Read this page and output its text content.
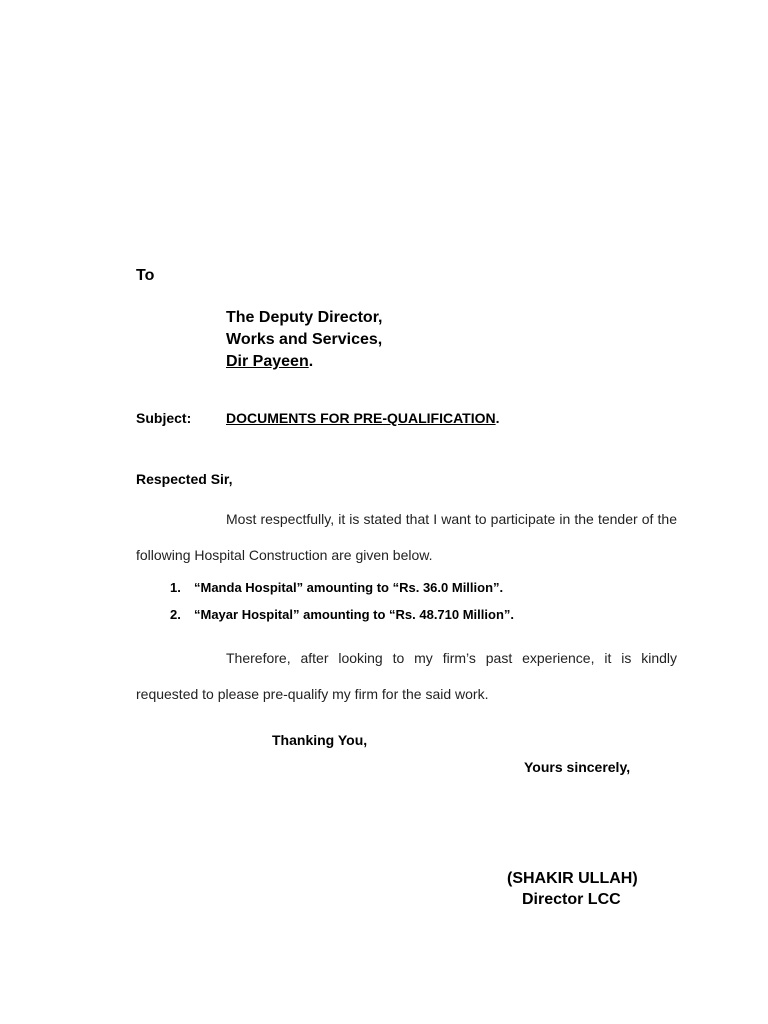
To
The Deputy Director,
Works and Services,
Dir Payeen.
Subject: DOCUMENTS FOR PRE-QUALIFICATION.
Respected Sir,
Most respectfully, it is stated that I want to participate in the tender of the following Hospital Construction are given below.
1. “Manda Hospital” amounting to “Rs. 36.0 Million”.
2. “Mayar Hospital” amounting to “Rs. 48.710 Million”.
Therefore, after looking to my firm’s past experience, it is kindly requested to please pre-qualify my firm for the said work.
Thanking You,
Yours sincerely,
(SHAKIR ULLAH)
Director LCC
